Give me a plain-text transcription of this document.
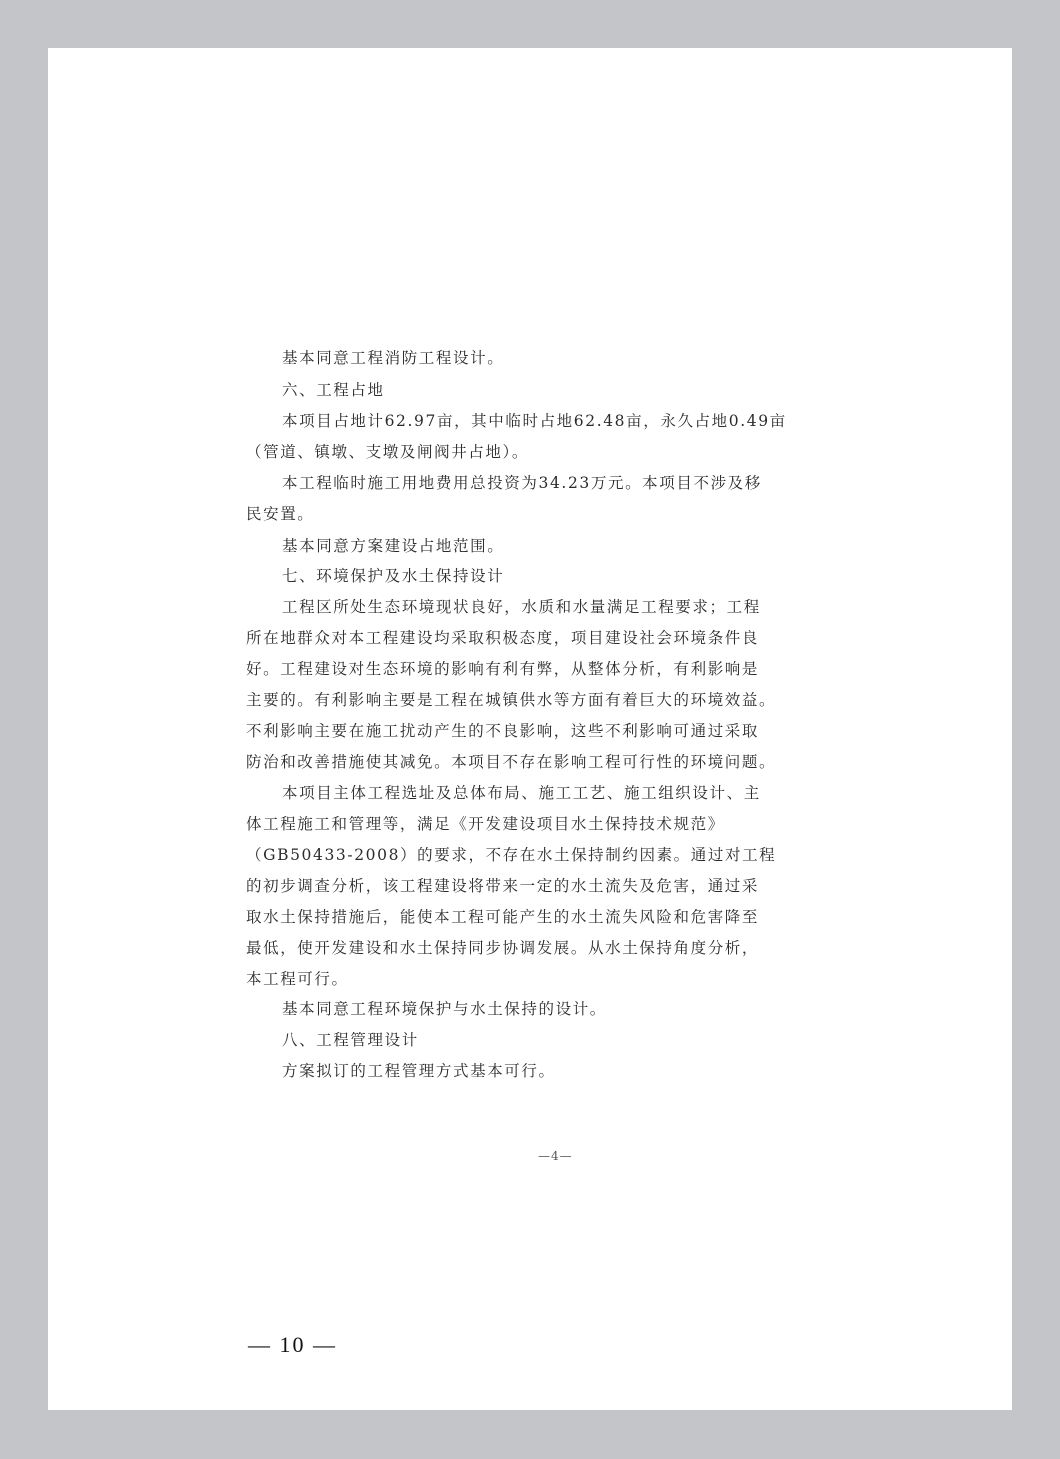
基本同意工程消防工程设计。
六、工程占地
本项目占地计62.97亩，其中临时占地62.48亩，永久占地0.49亩
（管道、镇墩、支墩及闸阀井占地）。
本工程临时施工用地费用总投资为34.23万元。本项目不涉及移
民安置。
基本同意方案建设占地范围。
七、环境保护及水土保持设计
工程区所处生态环境现状良好，水质和水量满足工程要求；工程
所在地群众对本工程建设均采取积极态度，项目建设社会环境条件良
好。工程建设对生态环境的影响有利有弊，从整体分析，有利影响是
主要的。有利影响主要是工程在城镇供水等方面有着巨大的环境效益。
不利影响主要在施工扰动产生的不良影响，这些不利影响可通过采取
防治和改善措施使其减免。本项目不存在影响工程可行性的环境问题。
本项目主体工程选址及总体布局、施工工艺、施工组织设计、主
体工程施工和管理等，满足《开发建设项目水土保持技术规范》
（GB50433-2008）的要求，不存在水土保持制约因素。通过对工程
的初步调查分析，该工程建设将带来一定的水土流失及危害，通过采
取水土保持措施后，能使本工程可能产生的水土流失风险和危害降至
最低，使开发建设和水土保持同步协调发展。从水土保持角度分析，
本工程可行。
基本同意工程环境保护与水土保持的设计。
八、工程管理设计
方案拟订的工程管理方式基本可行。
—4—
— 10 —
